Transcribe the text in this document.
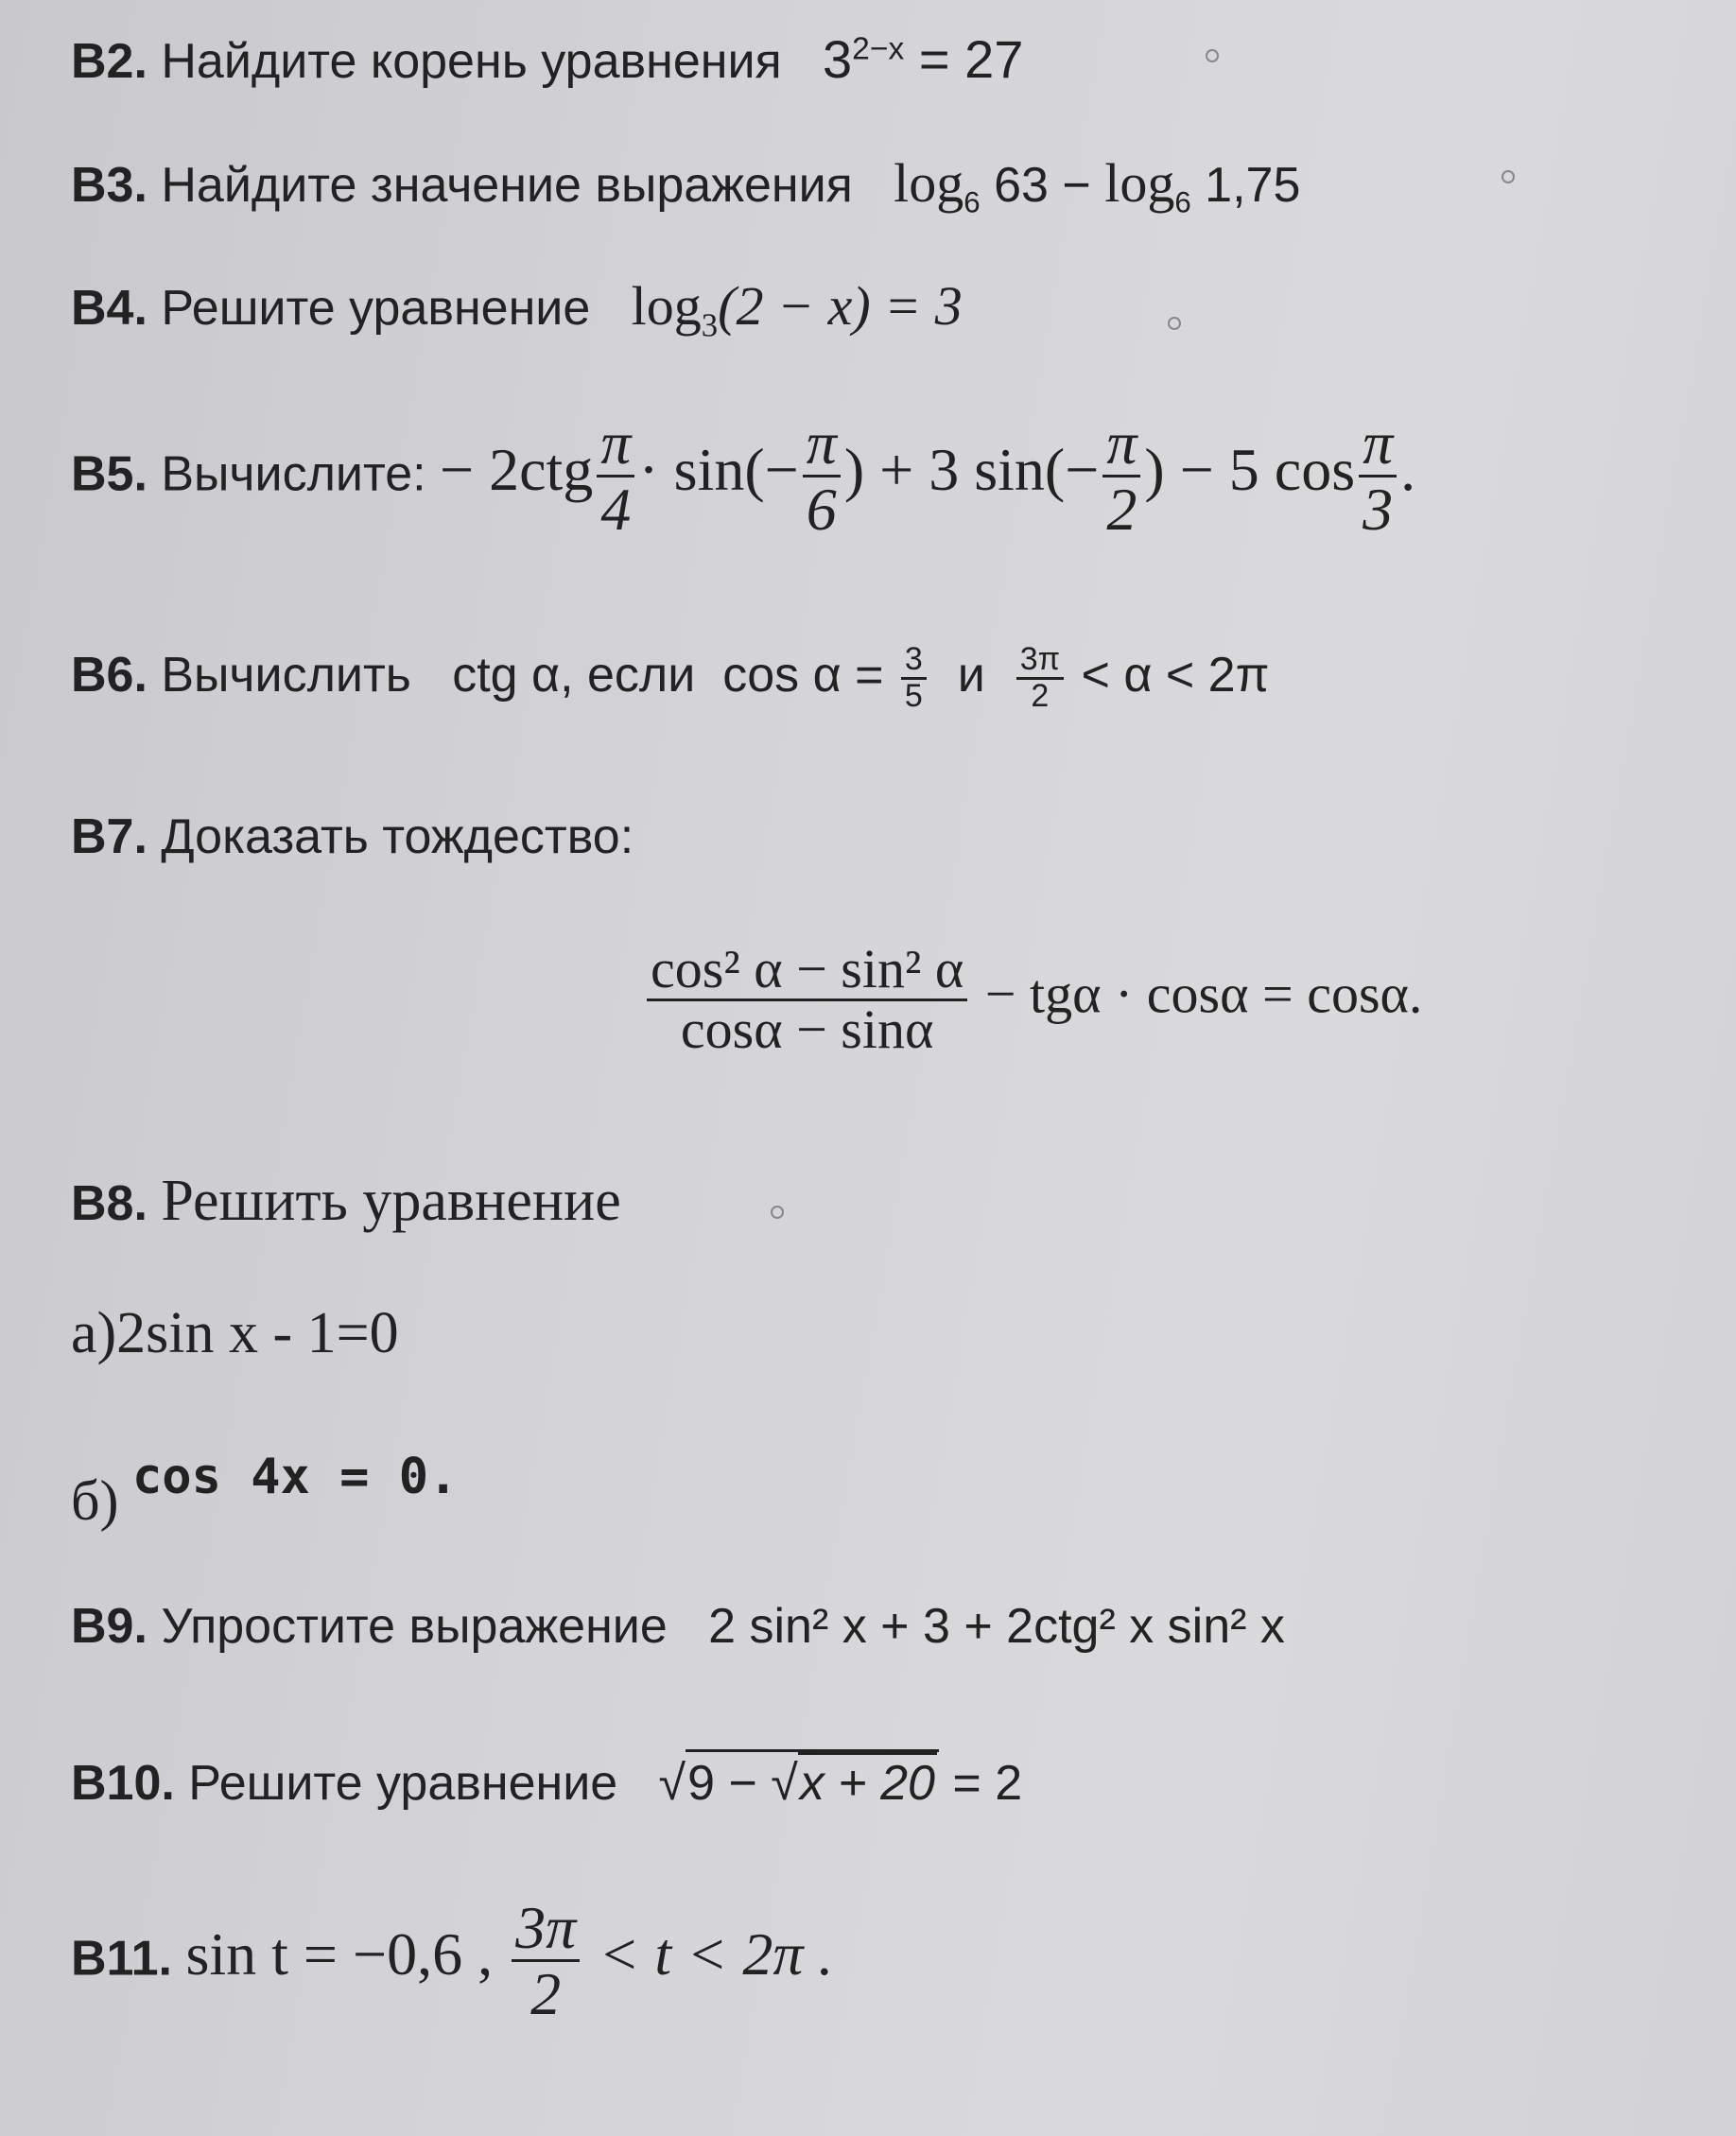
В2. Найдите корень уравнения $3^{2-x} = 27$
В3. Найдите значение выражения $\log_6 63 - \log_6 1,75$
В4. Решите уравнение $\log_3(2 - x) = 3$
В5. Вычислите: − $2ctg \frac{\pi}{4} \cdot \sin(- \frac{\pi}{6}$ ) + 3 $\sin(- \frac{\pi}{2}$ ) − 5 $\cos \frac{\pi}{3}$ .
В6. Вычислить ctg α, если $\cos \alpha = \frac{3}{5}$ и $\frac{3\pi}{2} < \alpha < 2\pi$
В7. Доказать тождество:
$\frac{\text{cos² α − sin² α}}{\cos\alpha - \sin\alpha} - tg\alpha \cdot \cos\alpha = \cos\alpha$.
В8. Решить уравнение
а)2sin x - 1=0
б) cos 4x = 0.
В9. Упростите выражение 2 sin² x + 3 + 2ctg² x sin² x
В10. Решите уравнение √9 − √x + 20 = 2
В11. sin t = −0,6 , $\frac{3\pi}{2} < t < 2\pi$ .
